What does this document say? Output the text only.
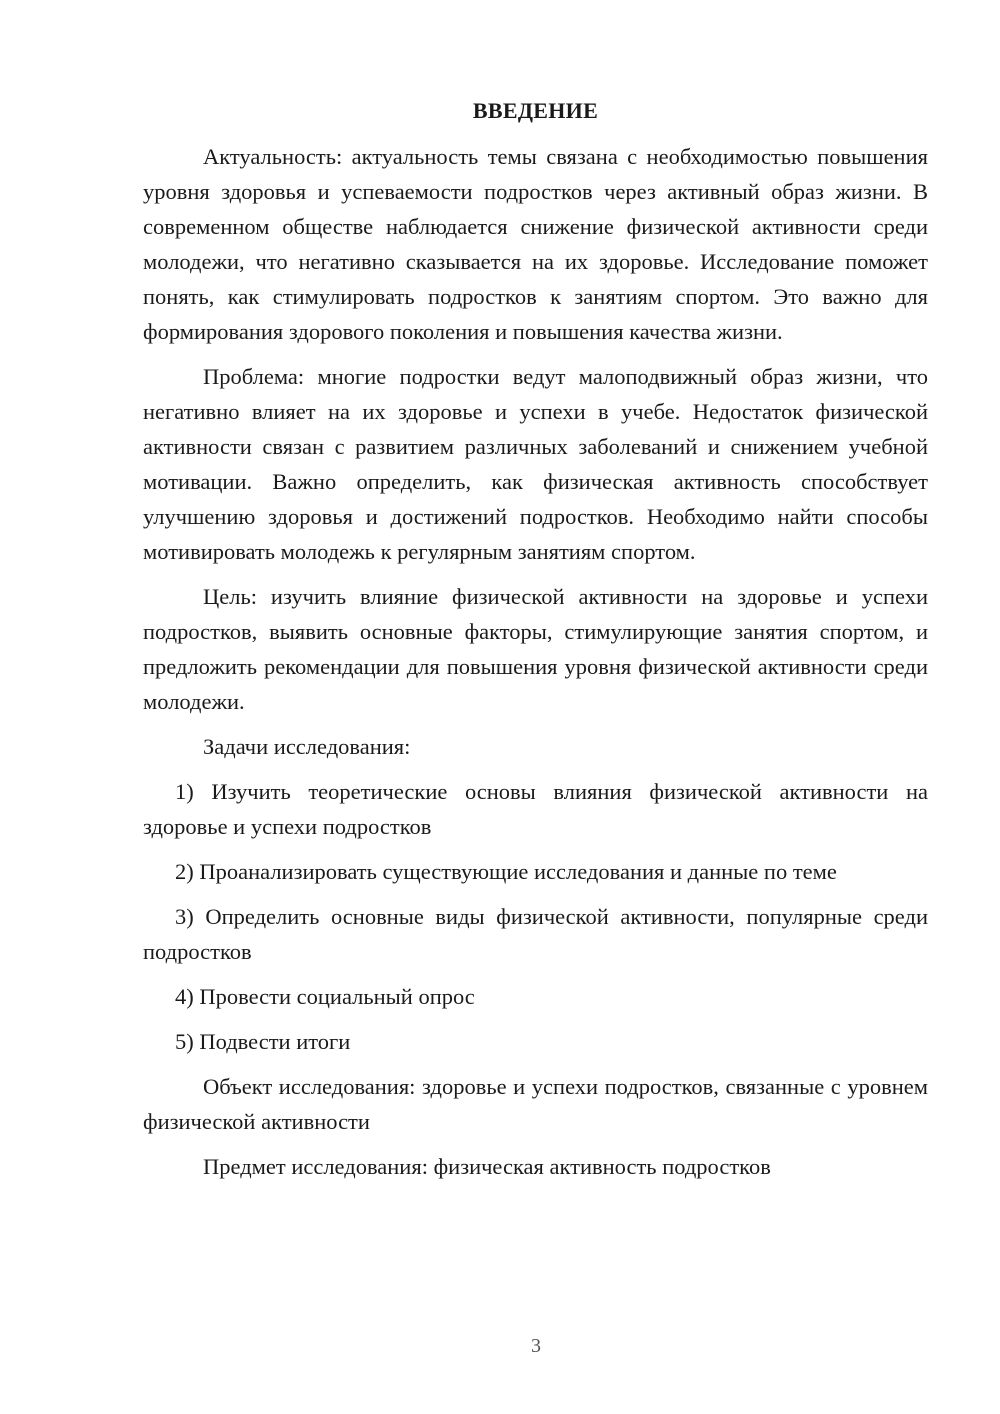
ВВЕДЕНИЕ

Актуальность: актуальность темы связана с необходимостью повышения уровня здоровья и успеваемости подростков через активный образ жизни. В современном обществе наблюдается снижение физической активности среди молодежи, что негативно сказывается на их здоровье. Исследование поможет понять, как стимулировать подростков к занятиям спортом. Это важно для формирования здорового поколения и повышения качества жизни.

Проблема: многие подростки ведут малоподвижный образ жизни, что негативно влияет на их здоровье и успехи в учебе. Недостаток физической активности связан с развитием различных заболеваний и снижением учебной мотивации. Важно определить, как физическая активность способствует улучшению здоровья и достижений подростков. Необходимо найти способы мотивировать молодежь к регулярным занятиям спортом.

Цель: изучить влияние физической активности на здоровье и успехи подростков, выявить основные факторы, стимулирующие занятия спортом, и предложить рекомендации для повышения уровня физической активности среди молодежи.

Задачи исследования:

1) Изучить теоретические основы влияния физической активности на здоровье и успехи подростков

2) Проанализировать существующие исследования и данные по теме

3) Определить основные виды физической активности, популярные среди подростков

4) Провести социальный опрос

5) Подвести итоги

Объект исследования: здоровье и успехи подростков, связанные с уровнем физической активности

Предмет исследования: физическая активность подростков

3
